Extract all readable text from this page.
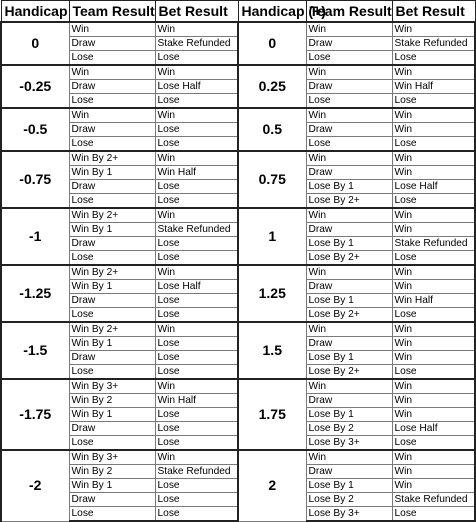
Handicap	Team Result	Bet Result	Handicap (+)	Team Result	Bet Result
0	Win	Win	0	Win	Win
	Draw	Stake Refunded		Draw	Stake Refunded
	Lose	Lose		Lose	Lose
-0.25	Win	Win	0.25	Win	Win
	Draw	Lose Half		Draw	Win Half
	Lose	Lose		Lose	Lose
-0.5	Win	Win	0.5	Win	Win
	Draw	Lose		Draw	Win
	Lose	Lose		Lose	Lose
-0.75	Win By 2+	Win	0.75	Win	Win
	Win By 1	Win Half		Draw	Win
	Draw	Lose		Lose By 1	Lose Half
	Lose	Lose		Lose By 2+	Lose
-1	Win By 2+	Win	1	Win	Win
	Win By 1	Stake Refunded		Draw	Win
	Draw	Lose		Lose By 1	Stake Refunded
	Lose	Lose		Lose By 2+	Lose
-1.25	Win By 2+	Win	1.25	Win	Win
	Win By 1	Lose Half		Draw	Win
	Draw	Lose		Lose By 1	Win Half
	Lose	Lose		Lose By 2+	Lose
-1.5	Win By 2+	Win	1.5	Win	Win
	Win By 1	Lose		Draw	Win
	Draw	Lose		Lose By 1	Win
	Lose	Lose		Lose By 2+	Lose
-1.75	Win By 3+	Win	1.75	Win	Win
	Win By 2	Win Half		Draw	Win
	Win By 1	Lose		Lose By 1	Win
	Draw	Lose		Lose By 2	Lose Half
	Lose	Lose		Lose By 3+	Lose
-2	Win By 3+	Win	2	Win	Win
	Win By 2	Stake Refunded		Draw	Win
	Win By 1	Lose		Lose By 1	Win
	Draw	Lose		Lose By 2	Stake Refunded
	Lose	Lose		Lose By 3+	Lose
